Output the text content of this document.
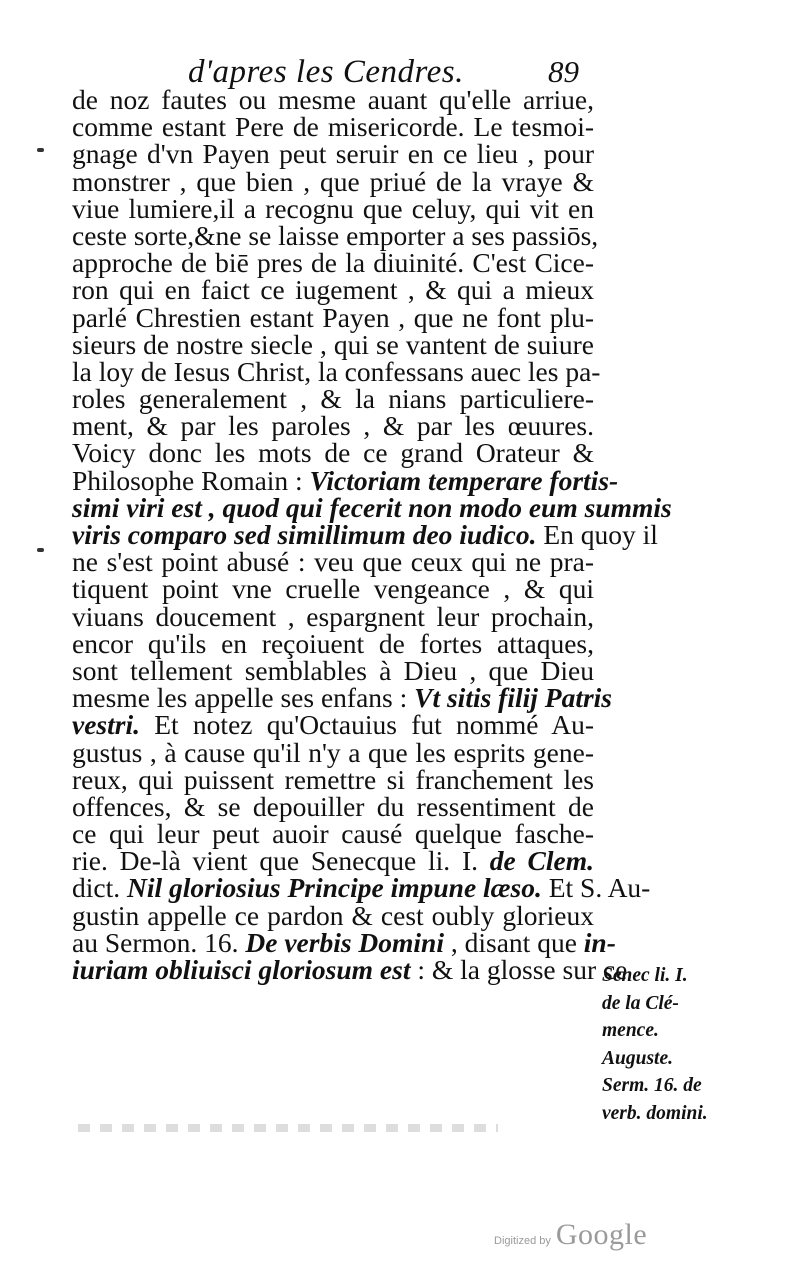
d'apres les Cendres.	89
de noz fautes ou mesme auant qu'elle arriue,
comme estant Pere de misericorde. Le tesmoi-
gnage d'vn Payen peut seruir en ce lieu , pour
monstrer , que bien , que priué de la vraye &
viue lumiere,il a recognu que celuy, qui vit en
ceste sorte,&ne se laisse emporter a ses passiōs,
approche de biē pres de la diuinité. C'est Cice-
ron qui en faict ce iugement , & qui a mieux
parlé Chrestien estant Payen , que ne font plu-
sieurs de nostre siecle , qui se vantent de suiure
la loy de Iesus Christ, la confessans auec les pa-
roles generalement , & la nians particuliere-
ment, & par les paroles , & par les œuures.
Voicy donc les mots de ce grand Orateur &
Philosophe Romain : Victoriam temperare fortis-
simi viri est , quod qui fecerit non modo eum summis
viris comparo sed simillimum deo iudico. En quoy il
ne s'est point abusé : veu que ceux qui ne pra-
tiquent point vne cruelle vengeance , & qui
viuans doucement , espargnent leur prochain,
encor qu'ils en reçoiuent de fortes attaques,
sont tellement semblables à Dieu , que Dieu
mesme les appelle ses enfans : Vt sitis filij Patris
vestri. Et notez qu'Octauius fut nommé Au-
gustus , à cause qu'il n'y a que les esprits gene-
reux, qui puissent remettre si franchement les
offences, & se depouiller du ressentiment de
ce qui leur peut auoir causé quelque fasche-
rie. De-là vient que Senecque li. I. de Clem.
dict. Nil gloriosius Principe impune læso. Et S. Au-
gustin appelle ce pardon & cest oubly glorieux
au Sermon. 16. De verbis Domini , disant que in-
iuriam obliuisci gloriosum est : & la glosse sur ce
Senec li. I.
de la Clé-
mence.
Auguste.
Serm. 16. de
verb. domini.
Digitized by Google
